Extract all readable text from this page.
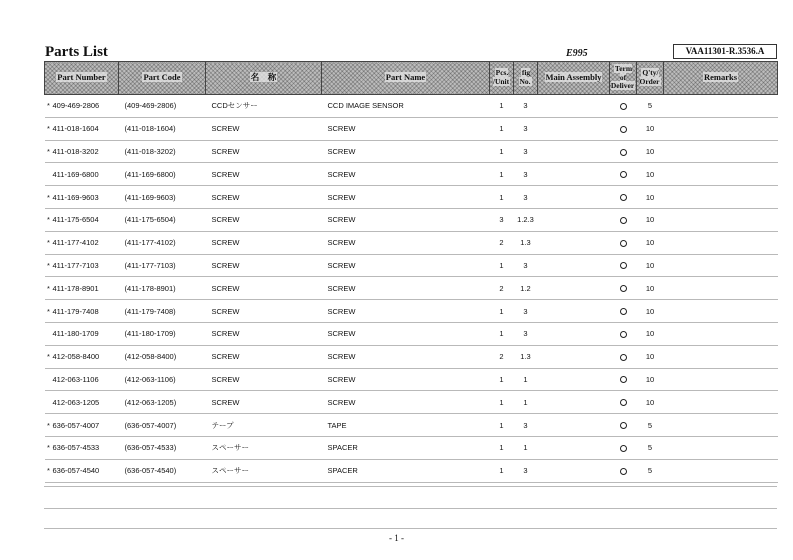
Parts List	E995	VAA11301-R.3536.A
Part Number	Part Code	名　称	Part Name	Pcs. /Unit	fig No.	Main Assembly	Term of Deliver	Q'ty/ Order	Remarks
* 409-469-2806	(409-469-2806)	CCDセンサー	CCD IMAGE SENSOR	1	3			5	
* 411-018-1604	(411-018-1604)	SCREW	SCREW	1	3			10	
* 411-018-3202	(411-018-3202)	SCREW	SCREW	1	3			10	
411-169-6800	(411-169-6800)	SCREW	SCREW	1	3			10	
* 411-169-9603	(411-169-9603)	SCREW	SCREW	1	3			10	
* 411-175-6504	(411-175-6504)	SCREW	SCREW	3	1.2.3			10	
* 411-177-4102	(411-177-4102)	SCREW	SCREW	2	1.3			10	
* 411-177-7103	(411-177-7103)	SCREW	SCREW	1	3			10	
* 411-178-8901	(411-178-8901)	SCREW	SCREW	2	1.2			10	
* 411-179-7408	(411-179-7408)	SCREW	SCREW	1	3			10	
411-180-1709	(411-180-1709)	SCREW	SCREW	1	3			10	
* 412-058-8400	(412-058-8400)	SCREW	SCREW	2	1.3			10	
412-063-1106	(412-063-1106)	SCREW	SCREW	1	1			10	
412-063-1205	(412-063-1205)	SCREW	SCREW	1	1			10	
* 636-057-4007	(636-057-4007)	テープ	TAPE	1	3			5	
* 636-057-4533	(636-057-4533)	スペーサー	SPACER	1	1			5	
* 636-057-4540	(636-057-4540)	スペーサー	SPACER	1	3			5	
- 1 -
